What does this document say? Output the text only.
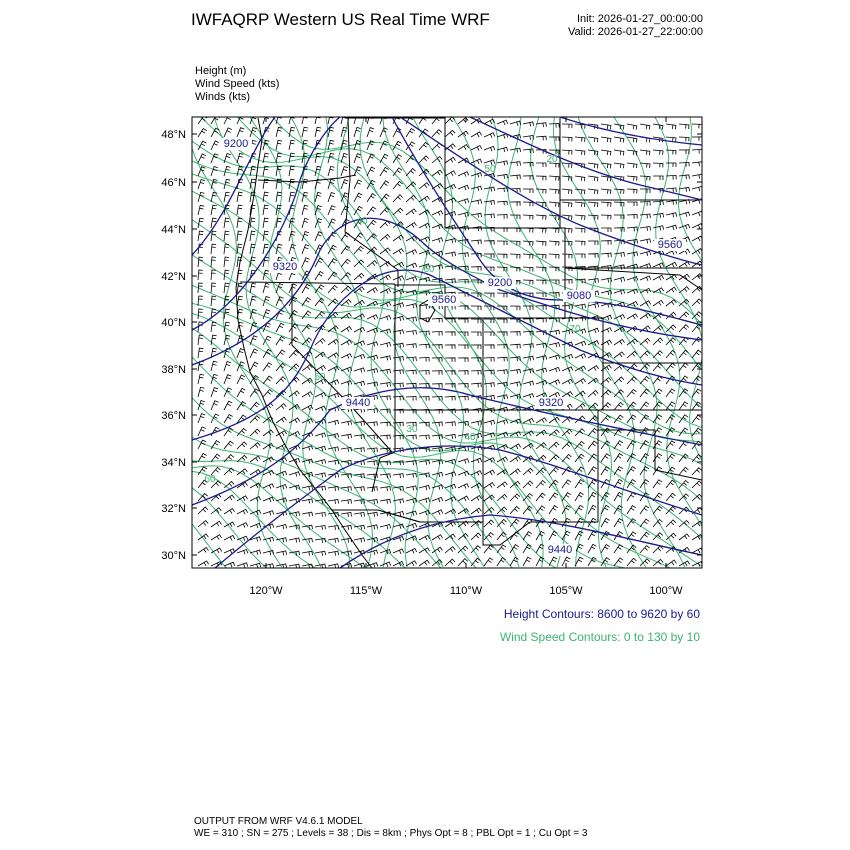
IWFAQRP Western US Real Time WRF	Init: 2026-01-27_00:00:00
Valid: 2026-01-27_22:00:00
Height (m)
Wind Speed (kts)
Winds (kts)
48°N
46°N
44°N
42°N
40°N
38°N
36°N
34°N
32°N
30°N
120°W	115°W	110°W	105°W	100°W
9200
9320
9560
9200
9080
9560
9440	9320
9440
20
50
40
60
70
50
30
40
60
Height Contours: 8600 to 9620 by 60
Wind Speed Contours: 0 to 130 by 10
OUTPUT FROM WRF V4.6.1 MODEL
WE = 310 ; SN = 275 ; Levels = 38 ; Dis = 8km ; Phys Opt = 8 ; PBL Opt = 1 ; Cu Opt = 3
